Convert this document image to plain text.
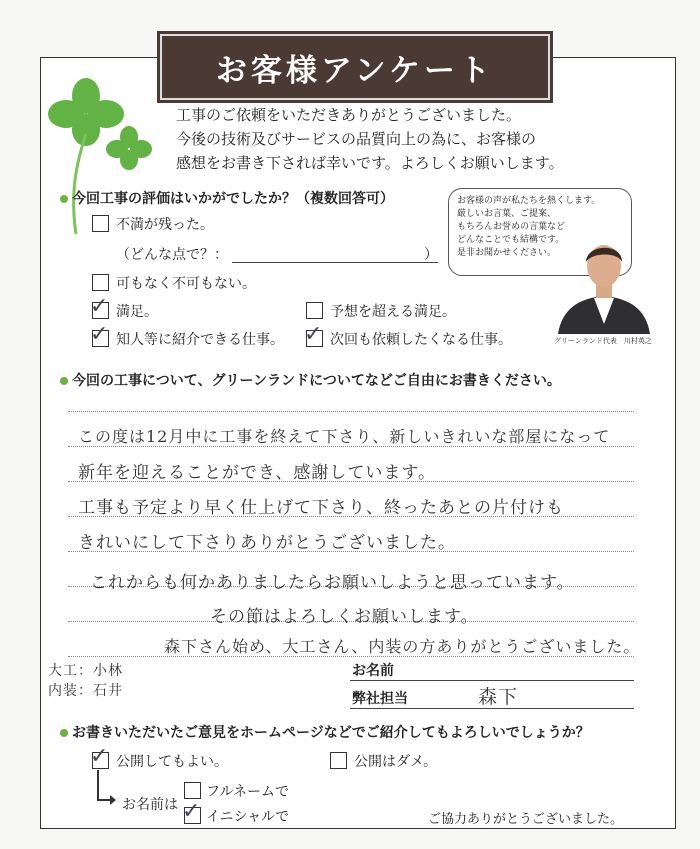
お客様アンケート
工事のご依頼をいただきありがとうございました。
今後の技術及びサービスの品質向上の為に、お客様の
感想をお書き下されば幸いです。よろしくお願いします。
今回工事の評価はいかがでしたか？（複数回答可）
不満が残った。
（どんな点で？：	）
可もなく不可もない。
✓ 満足。	予想を超える満足。
✓ 知人等に紹介できる仕事。 ✓ 次回も依頼したくなる仕事。
お客様の声が私たちを熱くします。
厳しいお言葉、ご提案、
もちろんお誉めの言葉など
どんなことでも結構です。
是非お聞かせください。
グリーンランド代表　川村英之
今回の工事について、グリーンランドについてなどご自由にお書きください。
この度は12月中に工事を終えて下さり、新しいきれいな部屋になって
新年を迎えることができ、感謝しています。
工事も予定より早く仕上げて下さり、終ったあとの片付けも
きれいにして下さりありがとうございました。
これからも何かありましたらお願いしようと思っています。
その節はよろしくお願いします。
森下さん始め、大工さん、内装の方ありがとうございました。
大工：小林
内装：石井
お名前
弊社担当	森下
お書きいただいたご意見をホームページなどでご紹介してもよろしいでしょうか？
✓ 公開してもよい。	公開はダメ。
お名前は
フルネームで
✓ イニシャルで	ご協力ありがとうございました。
